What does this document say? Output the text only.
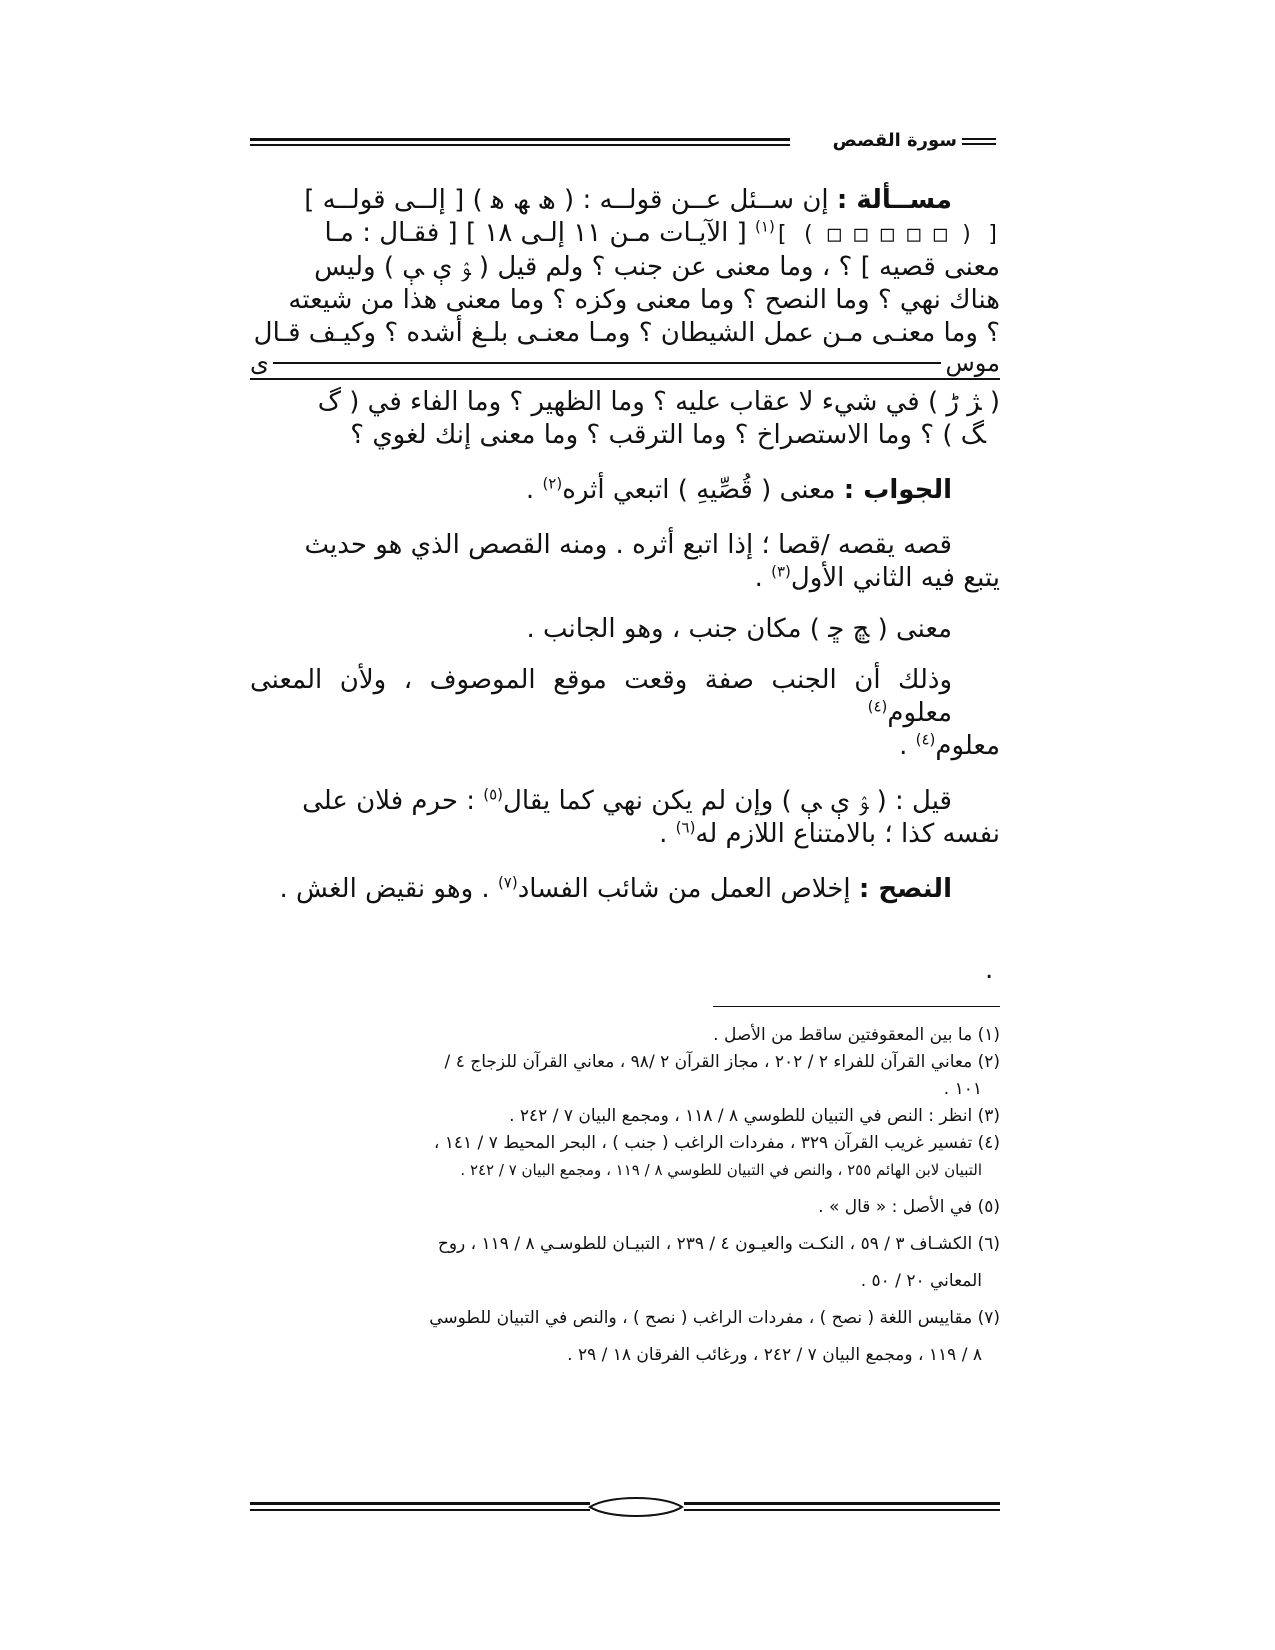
سورة القصص

مســألة : إن ســئل عــن قولــه : ( ﮪ ﮫ ﮬ ) [ إلــى قولــه ]

[ ( □ □ □ □ □ ) ]$^{(١)}$ [ الآيـات مـن ١١ إلـى ١٨ ] [ فقـال : مـا

معنى قصيه ] ؟ ، وما معنى عن جنب ؟ ولم قيل ( ﯣ ﯤ ﯥ ) وليس

هناك نهي ؟ وما النصح ؟ وما معنى وكزه ؟ وما معنى هذا من شيعته

؟ وما معنـى مـن عمل الشيطان ؟ ومـا معنـى بلـغ أشده ؟ وكيـف قـال

موس
ى

( ﮋ ﮌ ) في شيء لا عقاب عليه ؟ وما الظهير ؟ وما الفاء في ( ﮒ

ﮓ ) ؟ وما الاستصراخ ؟ وما الترقب ؟ وما معنى إنك لغوي ؟

الجواب : معنى ( قُصِّيهِ ) اتبعي أثره$^{(٢)}$ .

قصه يقصه /قصا ؛ إذا اتبع أثره . ومنه القصص الذي هو حديث

يتبع فيه الثاني الأول$^{(٣)}$ .

معنى ( ﭿ ﮀ ) مكان جنب ، وهو الجانب .

وذلك أن الجنب صفة وقعت موقع الموصوف ، ولأن المعنى معلوم$^{(٤)}$

معلوم$^{(٤)}$ .

قيل : ( ﯣ ﯤ ﯥ ) وإن لم يكن نهي كما يقال$^{(٥)}$ : حرم فلان على

نفسه كذا ؛ بالامتناع اللازم له$^{(٦)}$ .

النصح : إخلاص العمل من شائب الفساد$^{(٧)}$ . وهو نقيض الغش .

.

(١) ما بين المعقوفتين ساقط من الأصل .

(٢) معاني القرآن للفراء ٢ / ٢٠٢ ، مجاز القرآن ٢ /٩٨ ، معاني القرآن للزجاج ٤ /

١٠١ .

(٣) انظر : النص في التبيان للطوسي ٨ / ١١٨ ، ومجمع البيان ٧ / ٢٤٢ .

(٤) تفسير غريب القرآن ٣٢٩ ، مفردات الراغب ( جنب ) ، البحر المحيط ٧ / ١٤١ ،

التبيان لابن الهائم ٢٥٥ ، والنص في التبيان للطوسي ٨ / ١١٩ ، ومجمع البيان ٧ / ٢٤٢ .

(٥) في الأصل : « قال » .

(٦) الكشـاف ٣ / ٥٩ ، النكـت والعيـون ٤ / ٢٣٩ ، التبيـان للطوسـي ٨ / ١١٩ ، روح

المعاني ٢٠ / ٥٠ .

(٧) مقاييس اللغة ( نصح ) ، مفردات الراغب ( نصح ) ، والنص في التبيان للطوسي

٨ / ١١٩ ، ومجمع البيان ٧ / ٢٤٢ ، ورغائب الفرقان ١٨ / ٢٩ .
